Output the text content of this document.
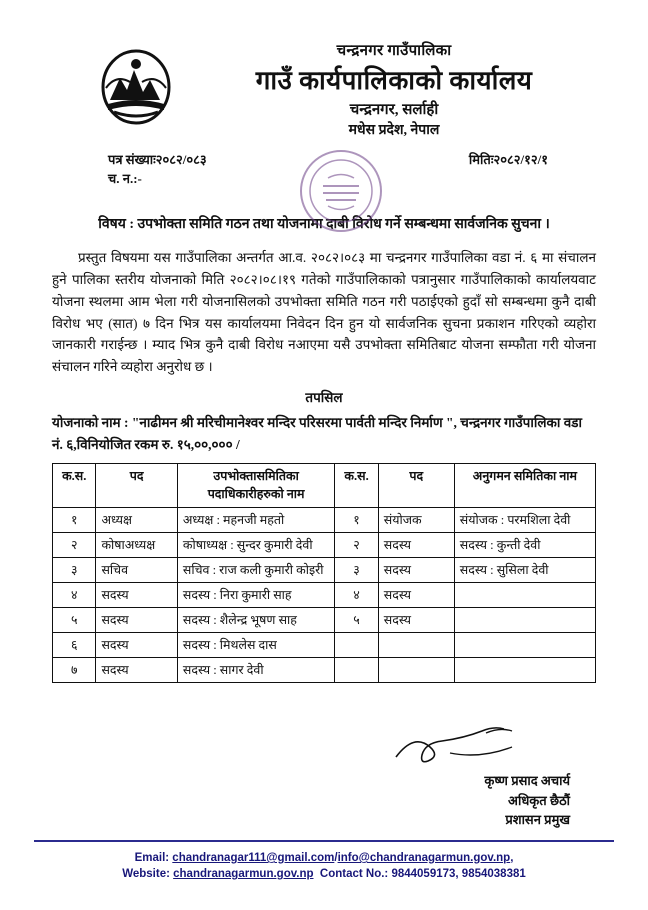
चन्द्रनगर गाउँपालिका
गाउँ कार्यपालिकाको कार्यालय
चन्द्रनगर, सर्लाही
मधेस प्रदेश, नेपाल
पत्र संख्याः२०८२/०८३
च. न.:-
मितिः२०८२/१२/१
विषय : उपभोक्ता समिति गठन तथा योजनामा दाबी विरोध गर्ने सम्बन्धमा सार्वजनिक सुचना ।
प्रस्तुत विषयमा यस गाउँपालिका अन्तर्गत आ.व. २०८२।०८३ मा चन्द्रनगर गाउँपालिका वडा नं. ६ मा संचालन हुने पालिका स्तरीय योजनाको मिति २०८२।०८।१९ गतेको गाउँपालिकाको पत्रानुसार गाउँपालिकाको कार्यालयवाट योजना स्थलमा आम भेला गरी योजनासिलको उपभोक्ता समिति गठन गरी पठाईएको हुदाँ सो सम्बन्धमा कुनै दाबी विरोध भए (सात) ७ दिन भित्र यस कार्यालयमा निवेदन दिन हुन यो सार्वजनिक सुचना प्रकाशन गरिएको व्यहोरा जानकारी गराईन्छ । म्याद भित्र कुनै दाबी विरोध नआएमा यसै उपभोक्ता समितिबाट योजना सम्फौता गरी योजना संचालन गरिने व्यहोरा अनुरोध छ ।
तपसिल
योजनाको नाम : "नाढीमन श्री मरिचीमानेश्वर मन्दिर परिसरमा पार्वती मन्दिर निर्माण ", चन्द्रनगर गाउँपालिका वडा नं. ६,विनियोजित रकम रु. १५,००,००० /
क.स.	पद	उपभोक्तासमितिका पदाधिकारीहरुको नाम	क.स.	पद	अनुगमन समितिका नाम
१	अध्यक्ष	अध्यक्ष : महनजी महतो	१	संयोजक	संयोजक : परमशिला देवी
२	कोषाअध्यक्ष	कोषाध्यक्ष : सुन्दर कुमारी देवी	२	सदस्य	सदस्य : कुन्ती देवी
३	सचिव	सचिव : राज कली कुमारी कोइरी	३	सदस्य	सदस्य : सुसिला देवी
४	सदस्य	सदस्य : निरा कुमारी साह	४	सदस्य	
५	सदस्य	सदस्य : शैलेन्द्र भूषण साह	५	सदस्य	
६	सदस्य	सदस्य : मिथलेस दास			
७	सदस्य	सदस्य : सागर देवी			
कृष्ण प्रसाद अचार्य
अधिकृत छैठौं
प्रशासन प्रमुख
Email: chandranagar111@gmail.com/info@chandranagarmun.gov.np,
Website: chandranagarmun.gov.np Contact No.: 9844059173, 9854038381
